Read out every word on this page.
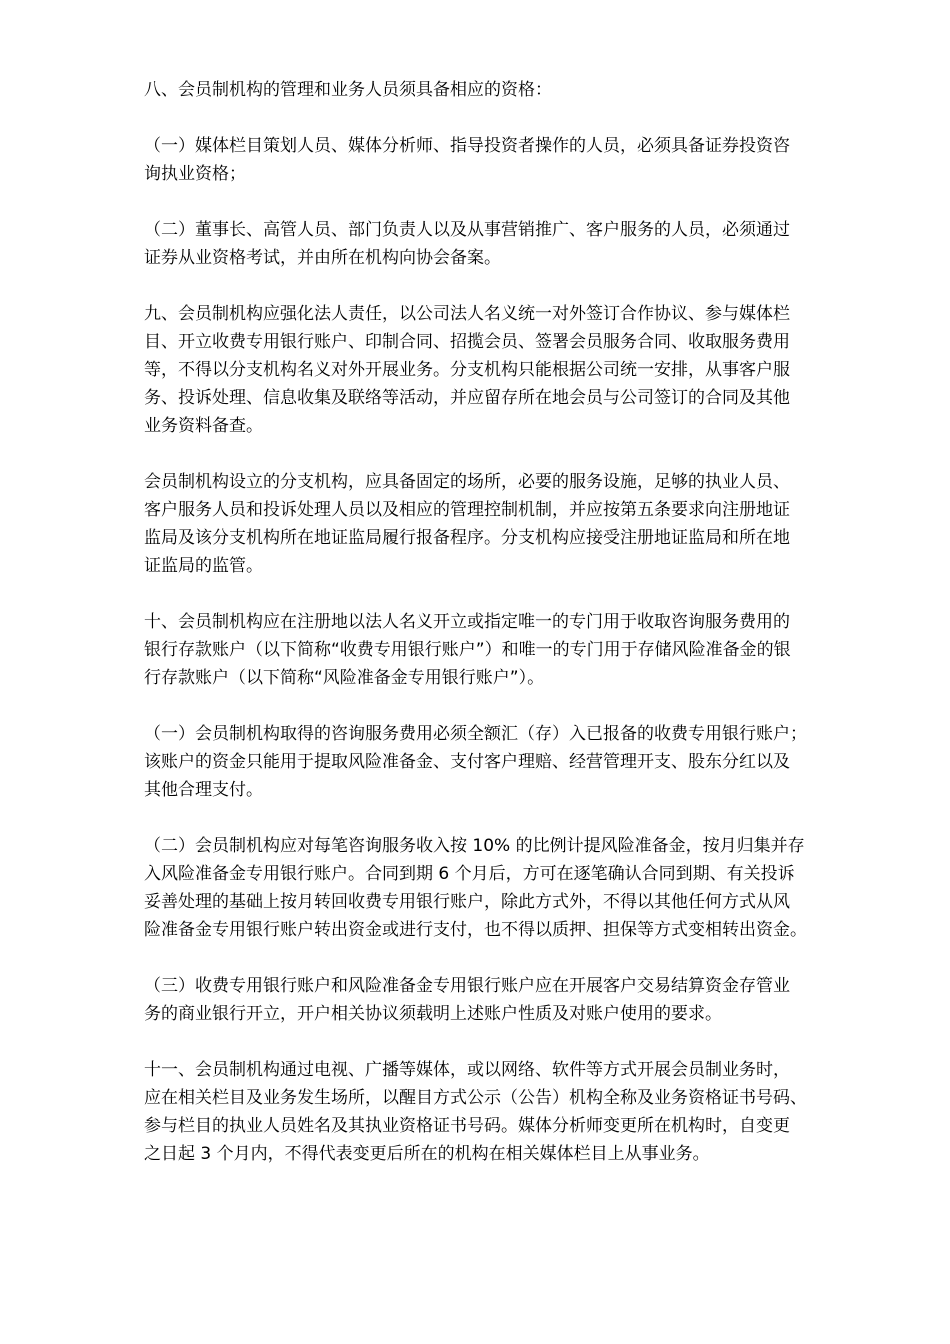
八、会员制机构的管理和业务人员须具备相应的资格：

（一）媒体栏目策划人员、媒体分析师、指导投资者操作的人员，必须具备证券投资咨
询执业资格；

（二）董事长、高管人员、部门负责人以及从事营销推广、客户服务的人员，必须通过
证券从业资格考试，并由所在机构向协会备案。

九、会员制机构应强化法人责任，以公司法人名义统一对外签订合作协议、参与媒体栏
目、开立收费专用银行账户、印制合同、招揽会员、签署会员服务合同、收取服务费用
等，不得以分支机构名义对外开展业务。分支机构只能根据公司统一安排，从事客户服
务、投诉处理、信息收集及联络等活动，并应留存所在地会员与公司签订的合同及其他
业务资料备查。

会员制机构设立的分支机构，应具备固定的场所，必要的服务设施，足够的执业人员、
客户服务人员和投诉处理人员以及相应的管理控制机制，并应按第五条要求向注册地证
监局及该分支机构所在地证监局履行报备程序。分支机构应接受注册地证监局和所在地
证监局的监管。

十、会员制机构应在注册地以法人名义开立或指定唯一的专门用于收取咨询服务费用的
银行存款账户（以下简称“收费专用银行账户”）和唯一的专门用于存储风险准备金的银
行存款账户（以下简称“风险准备金专用银行账户”）。

（一）会员制机构取得的咨询服务费用必须全额汇（存）入已报备的收费专用银行账户；
该账户的资金只能用于提取风险准备金、支付客户理赔、经营管理开支、股东分红以及
其他合理支付。

（二）会员制机构应对每笔咨询服务收入按 10% 的比例计提风险准备金，按月归集并存
入风险准备金专用银行账户。合同到期 6 个月后，方可在逐笔确认合同到期、有关投诉
妥善处理的基础上按月转回收费专用银行账户，除此方式外，不得以其他任何方式从风
险准备金专用银行账户转出资金或进行支付，也不得以质押、担保等方式变相转出资金。

（三）收费专用银行账户和风险准备金专用银行账户应在开展客户交易结算资金存管业
务的商业银行开立，开户相关协议须载明上述账户性质及对账户使用的要求。

十一、会员制机构通过电视、广播等媒体，或以网络、软件等方式开展会员制业务时，
应在相关栏目及业务发生场所，以醒目方式公示（公告）机构全称及业务资格证书号码、
参与栏目的执业人员姓名及其执业资格证书号码。媒体分析师变更所在机构时，自变更
之日起 3 个月内，不得代表变更后所在的机构在相关媒体栏目上从事业务。
